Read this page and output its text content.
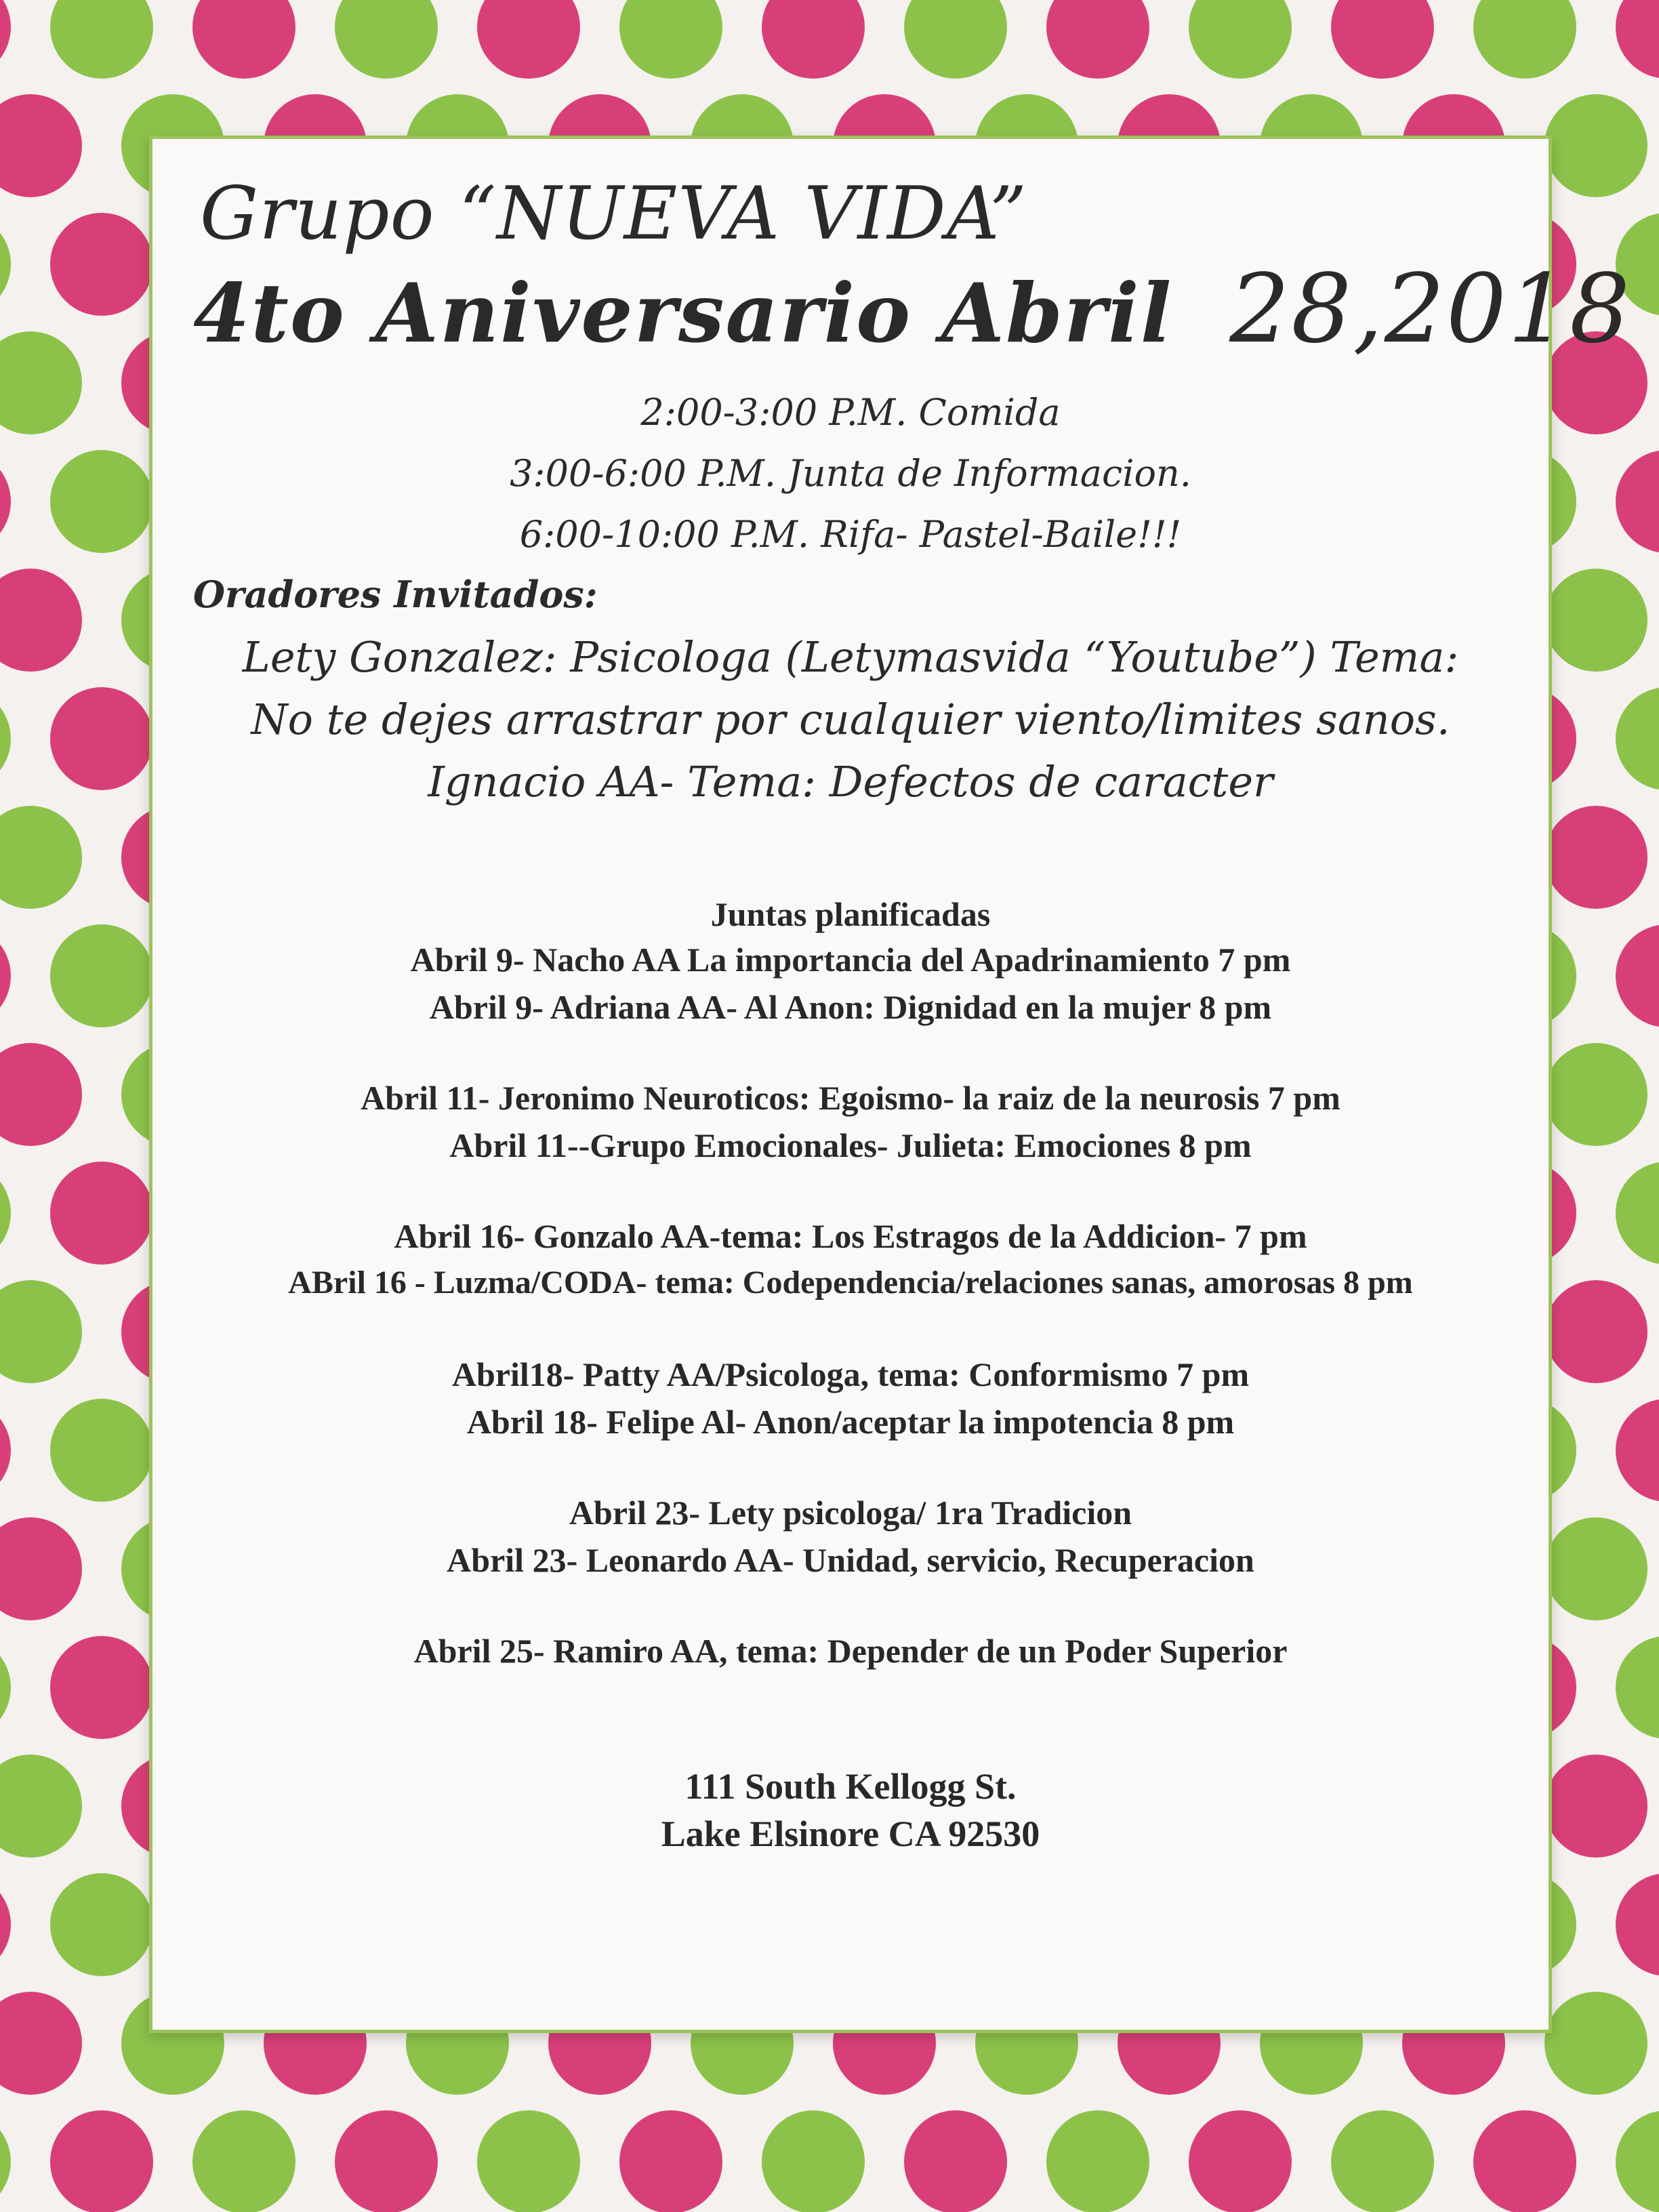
Grupo “NUEVA VIDA”
4to Aniversario Abril 28,2018
2:00-3:00 P.M. Comida
3:00-6:00 P.M. Junta de Informacion.
6:00-10:00 P.M. Rifa- Pastel-Baile!!!
Oradores Invitados:
Lety Gonzalez: Psicologa (Letymasvida “Youtube”) Tema:
No te dejes arrastrar por cualquier viento/limites sanos.
Ignacio AA- Tema: Defectos de caracter
Juntas planificadas
Abril 9- Nacho AA La importancia del Apadrinamiento 7 pm
Abril 9- Adriana AA- Al Anon: Dignidad en la mujer 8 pm
Abril 11- Jeronimo Neuroticos: Egoismo- la raiz de la neurosis 7 pm
Abril 11--Grupo Emocionales- Julieta: Emociones 8 pm
Abril 16- Gonzalo AA-tema: Los Estragos de la Addicion- 7 pm
ABril 16 - Luzma/CODA- tema: Codependencia/relaciones sanas, amorosas 8 pm
Abril18- Patty AA/Psicologa, tema: Conformismo 7 pm
Abril 18- Felipe Al- Anon/aceptar la impotencia 8 pm
Abril 23- Lety psicologa/ 1ra Tradicion
Abril 23- Leonardo AA- Unidad, servicio, Recuperacion
Abril 25- Ramiro AA, tema: Depender de un Poder Superior
111 South Kellogg St.
Lake Elsinore CA 92530
